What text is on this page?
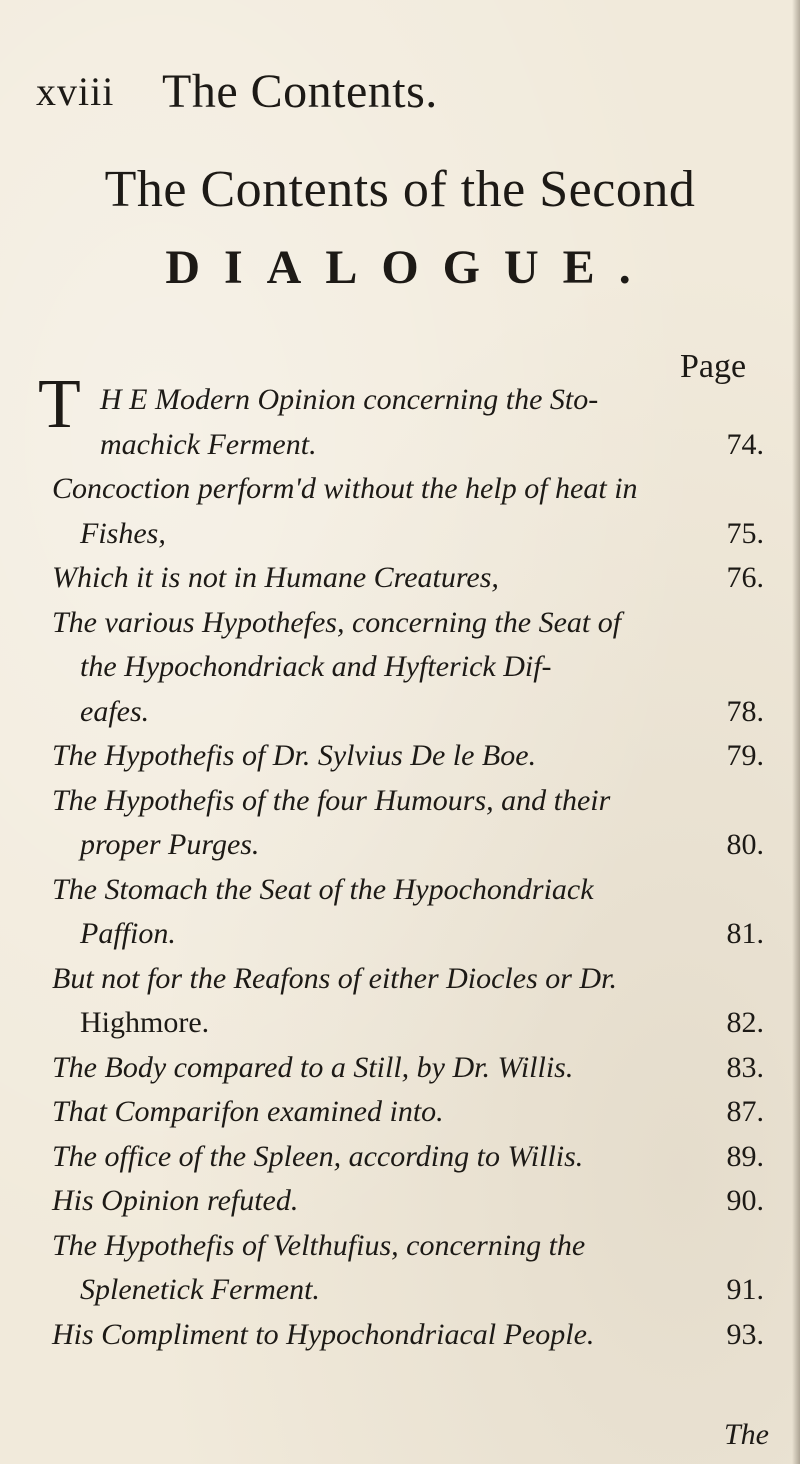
xviii The Contents.
The Contents of the Second
DIALOGUE.
Page
T H E Modern Opinion concerning the Sto-
machick Ferment.	74.
Concoction perform'd without the help of heat in
Fishes,	75.
Which it is not in Humane Creatures,	76.
The various Hypothefes, concerning the Seat of
the Hypochondriack and Hyfterick Dif-
eafes.	78.
The Hypothefis of Dr. Sylvius De le Boe.	79.
The Hypothefis of the four Humours, and their
proper Purges.	80.
The Stomach the Seat of the Hypochondriack
Paffion.	81.
But not for the Reafons of either Diocles or Dr.
Highmore.	82.
The Body compared to a Still, by Dr. Willis.	83.
That Comparifon examined into.	87.
The office of the Spleen, according to Willis.	89.
His Opinion refuted.	90.
The Hypothefis of Velthufius, concerning the
Splenetick Ferment.	91.
His Compliment to Hypochondriacal People.	93.
The
